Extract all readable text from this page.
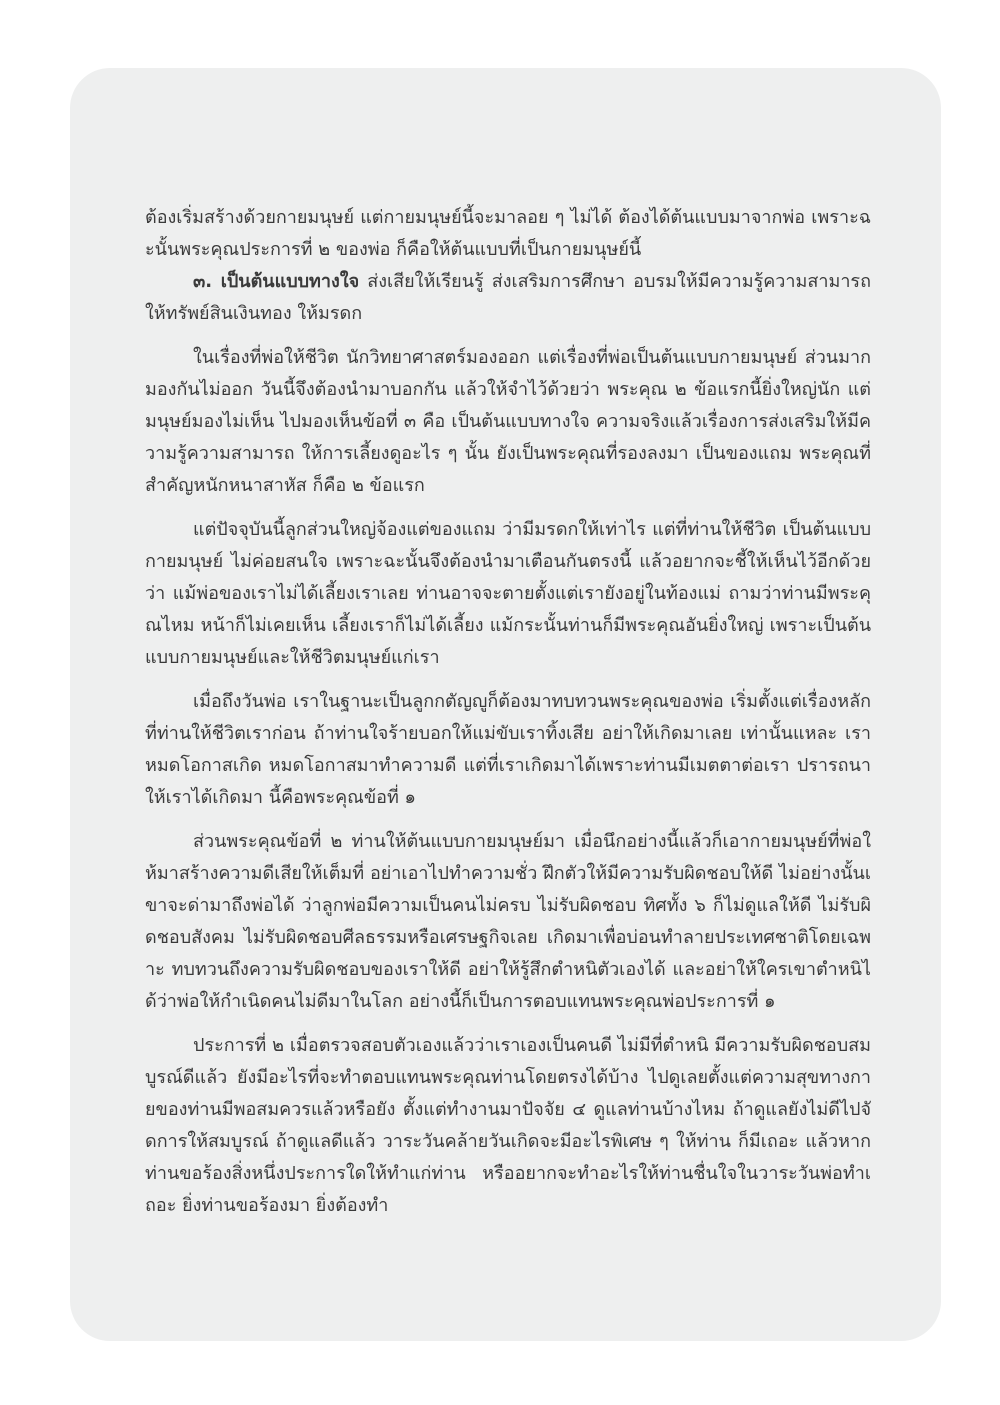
ต้องเริ่มสร้างด้วยกายมนุษย์ แต่กายมนุษย์นี้จะมาลอย ๆ ไม่ได้ ต้องได้ต้นแบบมาจากพ่อ เพราะฉะนั้นพระคุณประการที่ ๒ ของพ่อ ก็คือให้ต้นแบบที่เป็นกายมนุษย์นี้

๓. เป็นต้นแบบทางใจ ส่งเสียให้เรียนรู้ ส่งเสริมการศึกษา อบรมให้มีความรู้ความสามารถ ให้ทรัพย์สินเงินทอง ให้มรดก

ในเรื่องที่พ่อให้ชีวิต นักวิทยาศาสตร์มองออก แต่เรื่องที่พ่อเป็นต้นแบบกายมนุษย์ ส่วนมากมองกันไม่ออก วันนี้จึงต้องนำมาบอกกัน แล้วให้จำไว้ด้วยว่า พระคุณ ๒ ข้อแรกนี้ยิ่งใหญ่นัก แต่มนุษย์มองไม่เห็น ไปมองเห็นข้อที่ ๓ คือ เป็นต้นแบบทางใจ ความจริงแล้วเรื่องการส่งเสริมให้มีความรู้ความสามารถ ให้การเลี้ยงดูอะไร ๆ นั้น ยังเป็นพระคุณที่รองลงมา เป็นของแถม พระคุณที่สำคัญหนักหนาสาหัส ก็คือ ๒ ข้อแรก

แต่ปัจจุบันนี้ลูกส่วนใหญ่จ้องแต่ของแถม ว่ามีมรดกให้เท่าไร แต่ที่ท่านให้ชีวิต เป็นต้นแบบกายมนุษย์ ไม่ค่อยสนใจ เพราะฉะนั้นจึงต้องนำมาเตือนกันตรงนี้ แล้วอยากจะชี้ให้เห็นไว้อีกด้วยว่า แม้พ่อของเราไม่ได้เลี้ยงเราเลย ท่านอาจจะตายตั้งแต่เรายังอยู่ในท้องแม่ ถามว่าท่านมีพระคุณไหม หน้าก็ไม่เคยเห็น เลี้ยงเราก็ไม่ได้เลี้ยง แม้กระนั้นท่านก็มีพระคุณอันยิ่งใหญ่ เพราะเป็นต้นแบบกายมนุษย์และให้ชีวิตมนุษย์แก่เรา

เมื่อถึงวันพ่อ เราในฐานะเป็นลูกกตัญญูก็ต้องมาทบทวนพระคุณของพ่อ เริ่มตั้งแต่เรื่องหลักที่ท่านให้ชีวิตเราก่อน ถ้าท่านใจร้ายบอกให้แม่ขับเราทิ้งเสีย อย่าให้เกิดมาเลย เท่านั้นแหละ เราหมดโอกาสเกิด หมดโอกาสมาทำความดี แต่ที่เราเกิดมาได้เพราะท่านมีเมตตาต่อเรา ปรารถนาให้เราได้เกิดมา นี้คือพระคุณข้อที่ ๑

ส่วนพระคุณข้อที่ ๒ ท่านให้ต้นแบบกายมนุษย์มา เมื่อนึกอย่างนี้แล้วก็เอากายมนุษย์ที่พ่อให้มาสร้างความดีเสียให้เต็มที่ อย่าเอาไปทำความชั่ว ฝึกตัวให้มีความรับผิดชอบให้ดี ไม่อย่างนั้นเขาจะด่ามาถึงพ่อได้ ว่าลูกพ่อมีความเป็นคนไม่ครบ ไม่รับผิดชอบ ทิศทั้ง ๖ ก็ไม่ดูแลให้ดี ไม่รับผิดชอบสังคม ไม่รับผิดชอบศีลธรรมหรือเศรษฐกิจเลย เกิดมาเพื่อบ่อนทำลายประเทศชาติโดยเฉพาะ ทบทวนถึงความรับผิดชอบของเราให้ดี อย่าให้รู้สึกตำหนิตัวเองได้ และอย่าให้ใครเขาตำหนิได้ว่าพ่อให้กำเนิดคนไม่ดีมาในโลก อย่างนี้ก็เป็นการตอบแทนพระคุณพ่อประการที่ ๑

ประการที่ ๒ เมื่อตรวจสอบตัวเองแล้วว่าเราเองเป็นคนดี ไม่มีที่ตำหนิ มีความรับผิดชอบสมบูรณ์ดีแล้ว ยังมีอะไรที่จะทำตอบแทนพระคุณท่านโดยตรงได้บ้าง ไปดูเลยตั้งแต่ความสุขทางกายของท่านมีพอสมควรแล้วหรือยัง ตั้งแต่ทำงานมาปัจจัย ๔ ดูแลท่านบ้างไหม ถ้าดูแลยังไม่ดีไปจัดการให้สมบูรณ์ ถ้าดูแลดีแล้ว วาระวันคล้ายวันเกิดจะมีอะไรพิเศษ ๆ ให้ท่าน ก็มีเถอะ แล้วหากท่านขอร้องสิ่งหนึ่งประการใดให้ทำแก่ท่าน หรืออยากจะทำอะไรให้ท่านชื่นใจในวาระวันพ่อทำเถอะ ยิ่งท่านขอร้องมา ยิ่งต้องทำ
